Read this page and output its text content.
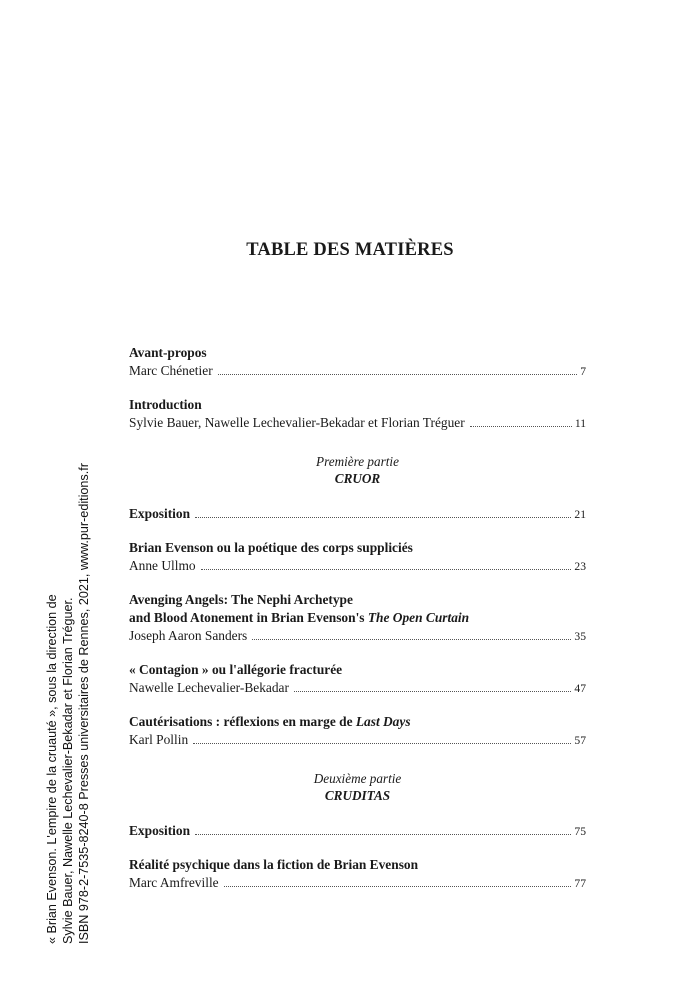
« Brian Evenson. L'empire de la cruauté », sous la direction de Sylvie Bauer, Nawelle Lechevalier-Bekadar et Florian Tréguer. ISBN 978-2-7535-8240-8 Presses universitaires de Rennes, 2021, www.pur-editions.fr
TABLE DES MATIÈRES
Avant-propos
Marc Chénetier	7
Introduction
Sylvie Bauer, Nawelle Lechevalier-Bekadar et Florian Tréguer	11
Première partie
CRUOR
Exposition	21
Brian Evenson ou la poétique des corps suppliciés
Anne Ullmo	23
Avenging Angels: The Nephi Archetype
and Blood Atonement in Brian Evenson's The Open Curtain
Joseph Aaron Sanders	35
« Contagion » ou l'allégorie fracturée
Nawelle Lechevalier-Bekadar	47
Cautérisations : réflexions en marge de Last Days
Karl Pollin	57
Deuxième partie
CRUDITAS
Exposition	75
Réalité psychique dans la fiction de Brian Evenson
Marc Amfreville	77
